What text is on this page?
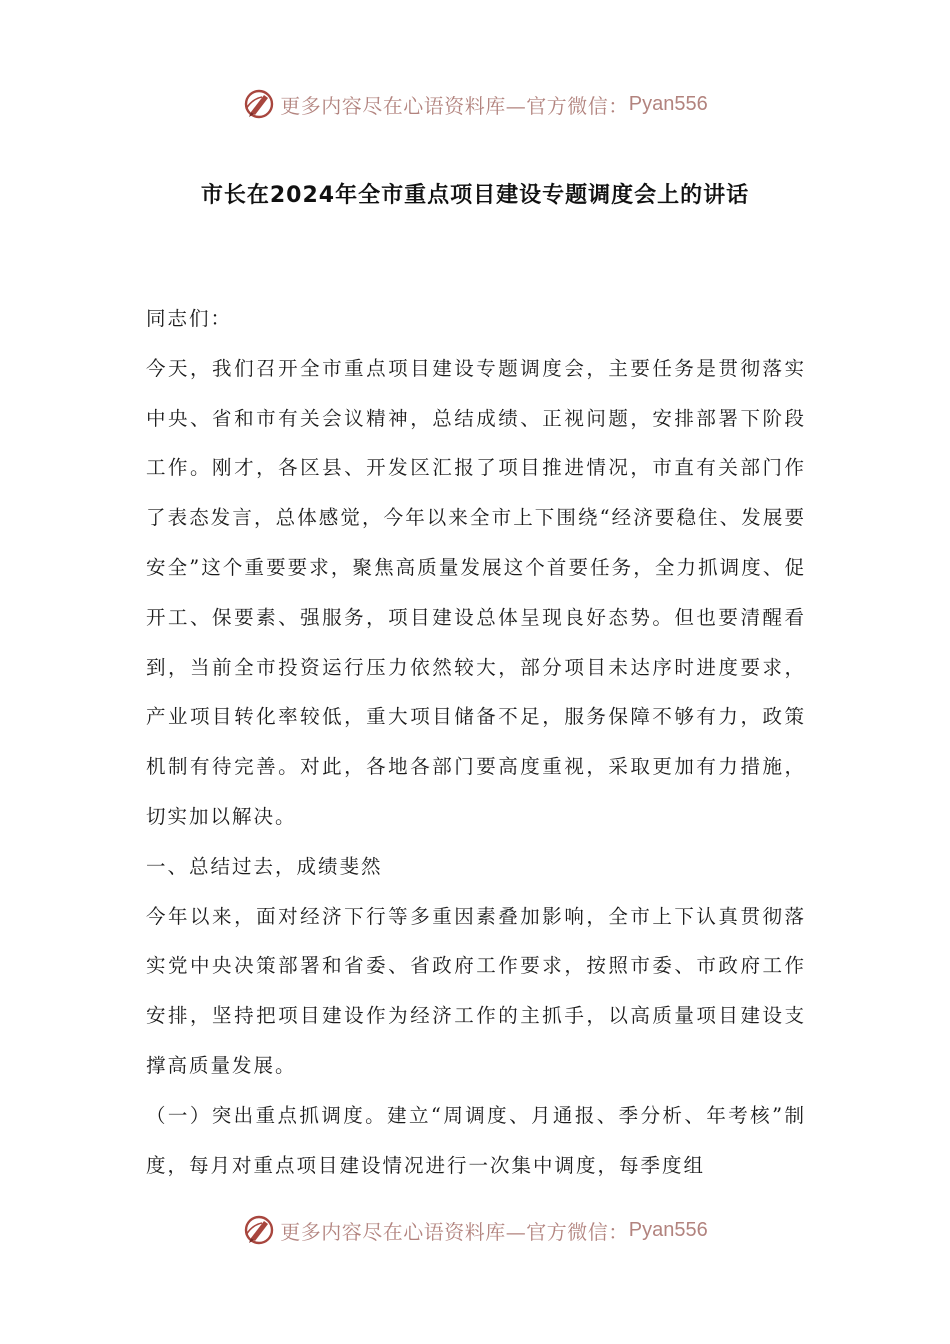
更多内容尽在心语资料库—官方微信： Pyan556
市长在2024年全市重点项目建设专题调度会上的讲话

同志们：

今天，我们召开全市重点项目建设专题调度会，主要任务是贯彻落实中央、省和市有关会议精神，总结成绩、正视问题，安排部署下阶段工作。刚才，各区县、开发区汇报了项目推进情况，市直有关部门作了表态发言，总体感觉，今年以来全市上下围绕“经济要稳住、发展要安全”这个重要要求，聚焦高质量发展这个首要任务，全力抓调度、促开工、保要素、强服务，项目建设总体呈现良好态势。但也要清醒看到，当前全市投资运行压力依然较大，部分项目未达序时进度要求，产业项目转化率较低，重大项目储备不足，服务保障不够有力，政策机制有待完善。对此，各地各部门要高度重视，采取更加有力措施，切实加以解决。

一、总结过去，成绩斐然

今年以来，面对经济下行等多重因素叠加影响，全市上下认真贯彻落实党中央决策部署和省委、省政府工作要求，按照市委、市政府工作安排，坚持把项目建设作为经济工作的主抓手，以高质量项目建设支撑高质量发展。

（一）突出重点抓调度。建立“周调度、月通报、季分析、年考核”制度，每月对重点项目建设情况进行一次集中调度，每季度组

更多内容尽在心语资料库—官方微信： Pyan556
